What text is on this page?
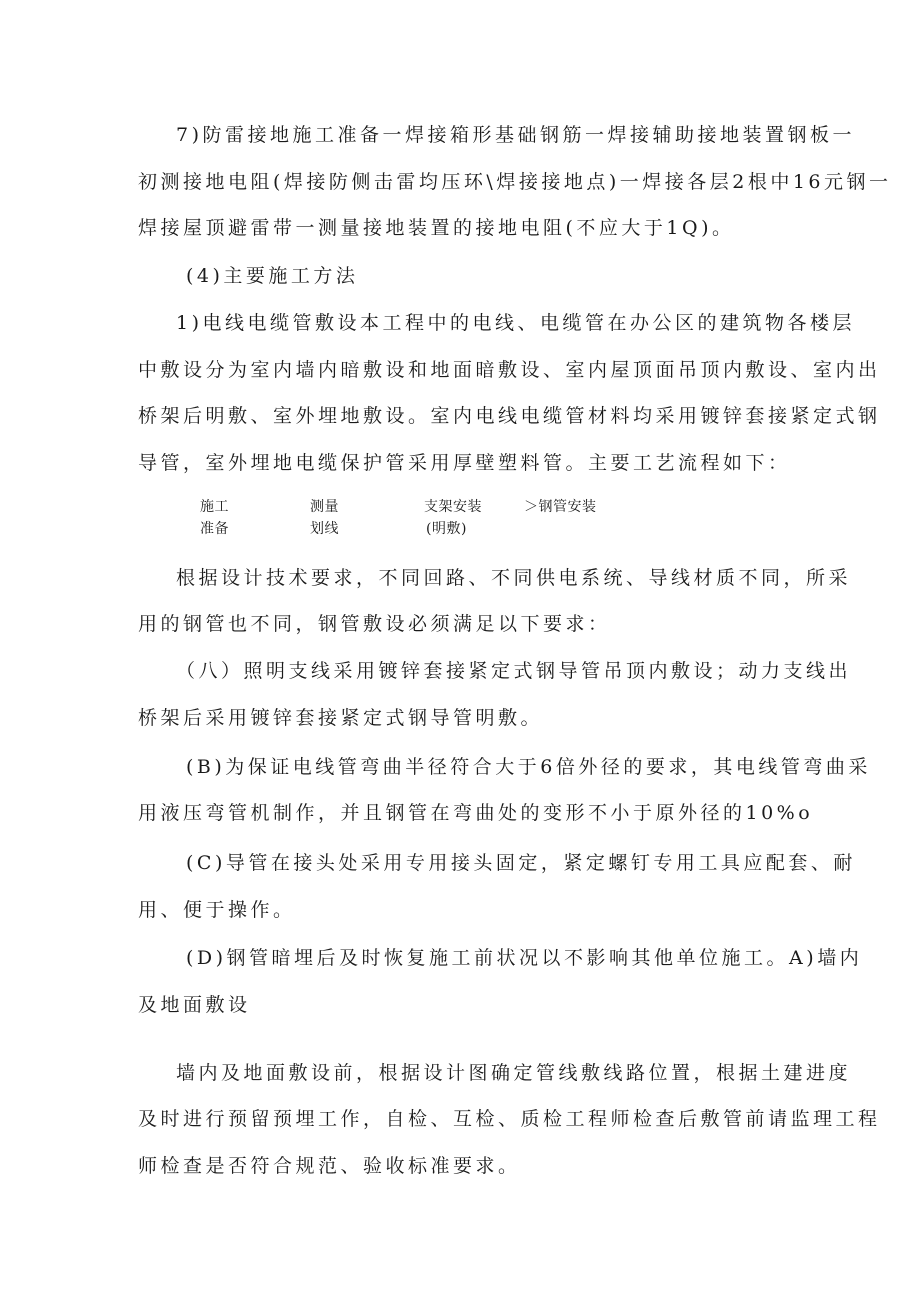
7)防雷接地施工准备一焊接箱形基础钢筋一焊接辅助接地装置钢板一
初测接地电阻(焊接防侧击雷均压环\焊接接地点)一焊接各层2根中16元钢一
焊接屋顶避雷带一测量接地装置的接地电阻(不应大于1Q)。
(4)主要施工方法
1)电线电缆管敷设本工程中的电线、电缆管在办公区的建筑物各楼层
中敷设分为室内墙内暗敷设和地面暗敷设、室内屋顶面吊顶内敷设、室内出
桥架后明敷、室外埋地敷设。室内电线电缆管材料均采用镀锌套接紧定式钢
导管，室外埋地电缆保护管采用厚壁塑料管。主要工艺流程如下：
施工
准备
测量
划线
支架安装
(明敷)
＞钢管安装
根据设计技术要求，不同回路、不同供电系统、导线材质不同，所采
用的钢管也不同，钢管敷设必须满足以下要求：
（八）照明支线采用镀锌套接紧定式钢导管吊顶内敷设；动力支线出
桥架后采用镀锌套接紧定式钢导管明敷。
(B)为保证电线管弯曲半径符合大于6倍外径的要求，其电线管弯曲采
用液压弯管机制作，并且钢管在弯曲处的变形不小于原外径的10%o
(C)导管在接头处采用专用接头固定，紧定螺钉专用工具应配套、耐
用、便于操作。
(D)钢管暗埋后及时恢复施工前状况以不影响其他单位施工。A)墙内
及地面敷设
墙内及地面敷设前，根据设计图确定管线敷线路位置，根据土建进度
及时进行预留预埋工作，自检、互检、质检工程师检查后敷管前请监理工程
师检查是否符合规范、验收标准要求。
